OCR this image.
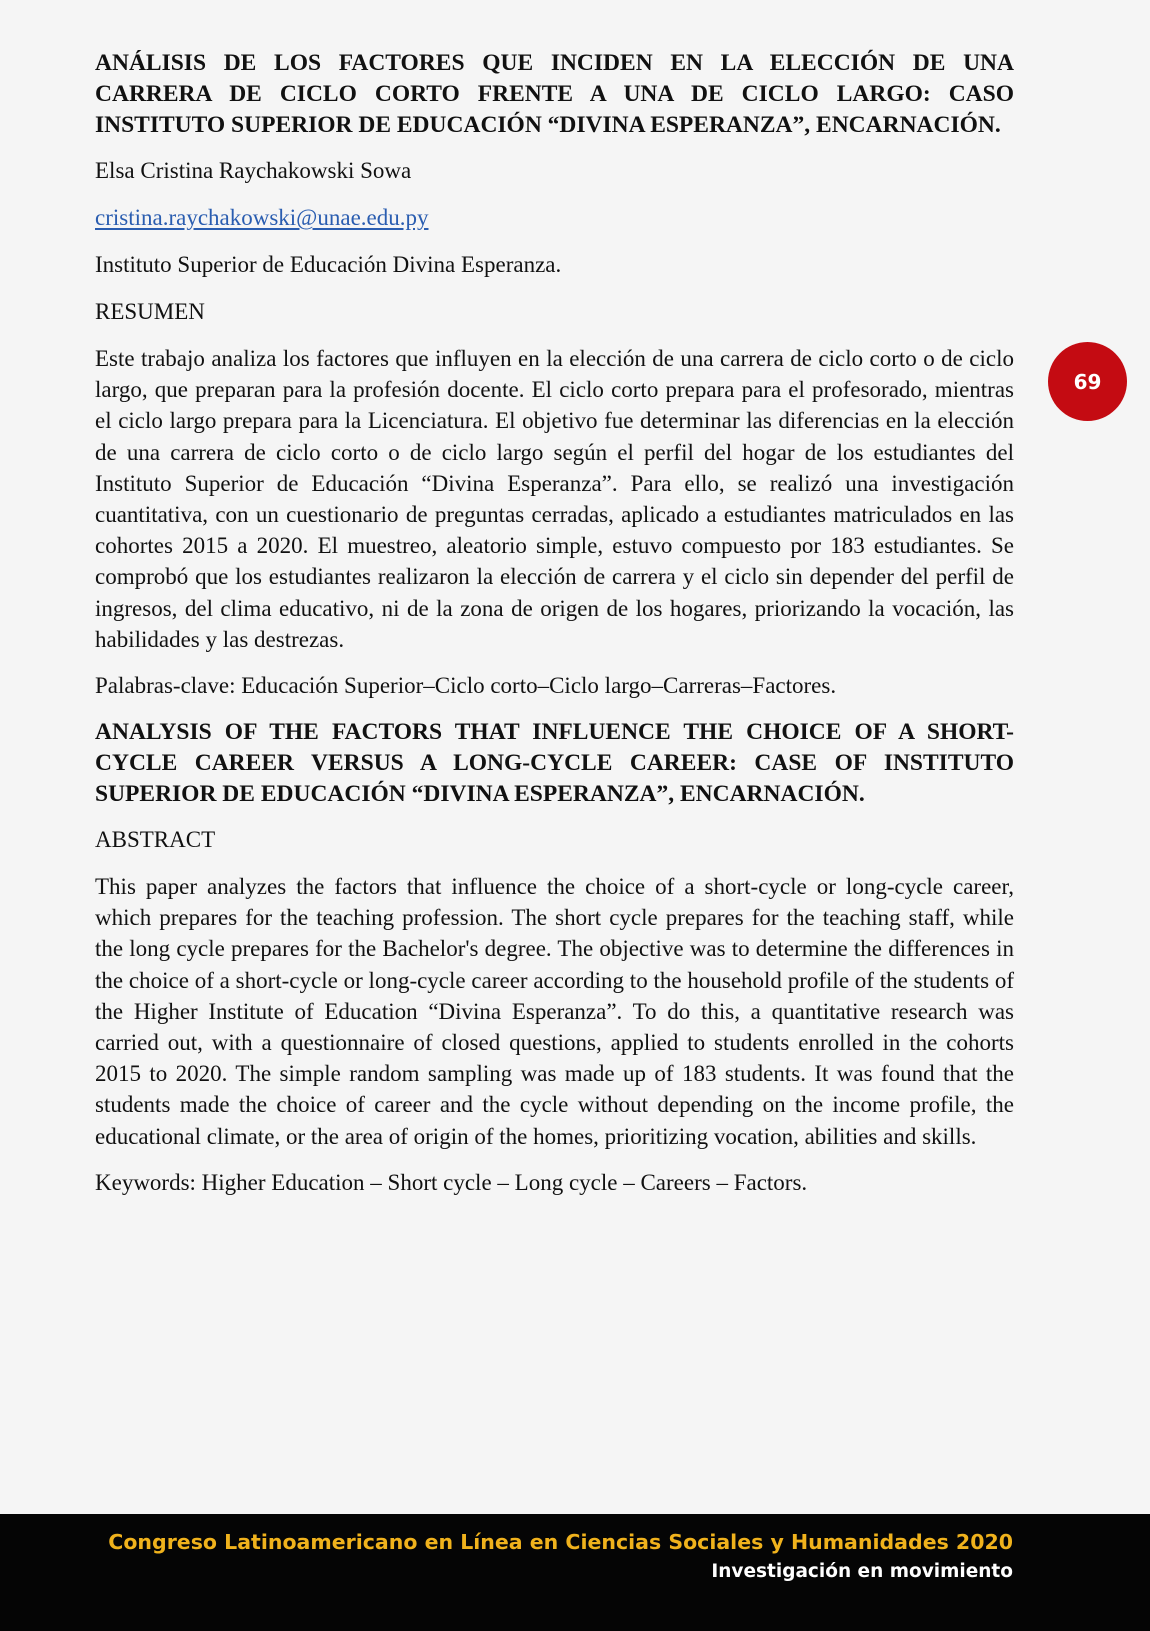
ANÁLISIS DE LOS FACTORES QUE INCIDEN EN LA ELECCIÓN DE UNA CARRERA DE CICLO CORTO FRENTE A UNA DE CICLO LARGO: CASO INSTITUTO SUPERIOR DE EDUCACIÓN “DIVINA ESPERANZA”, ENCARNACIÓN.
Elsa Cristina Raychakowski Sowa
cristina.raychakowski@unae.edu.py
Instituto Superior de Educación Divina Esperanza.
RESUMEN
Este trabajo analiza los factores que influyen en la elección de una carrera de ciclo corto o de ciclo largo, que preparan para la profesión docente. El ciclo corto prepara para el profesorado, mientras el ciclo largo prepara para la Licenciatura. El objetivo fue determinar las diferencias en la elección de una carrera de ciclo corto o de ciclo largo según el perfil del hogar de los estudiantes del Instituto Superior de Educación “Divina Esperanza”. Para ello, se realizó una investigación cuantitativa, con un cuestionario de preguntas cerradas, aplicado a estudiantes matriculados en las cohortes 2015 a 2020. El muestreo, aleatorio simple, estuvo compuesto por 183 estudiantes. Se comprobó que los estudiantes realizaron la elección de carrera y el ciclo sin depender del perfil de ingresos, del clima educativo, ni de la zona de origen de los hogares, priorizando la vocación, las habilidades y las destrezas.
Palabras-clave: Educación Superior–Ciclo corto–Ciclo largo–Carreras–Factores.
ANALYSIS OF THE FACTORS THAT INFLUENCE THE CHOICE OF A SHORT-CYCLE CAREER VERSUS A LONG-CYCLE CAREER: CASE OF INSTITUTO SUPERIOR DE EDUCACIÓN “DIVINA ESPERANZA”, ENCARNACIÓN.
ABSTRACT
This paper analyzes the factors that influence the choice of a short-cycle or long-cycle career, which prepares for the teaching profession. The short cycle prepares for the teaching staff, while the long cycle prepares for the Bachelor's degree. The objective was to determine the differences in the choice of a short-cycle or long-cycle career according to the household profile of the students of the Higher Institute of Education “Divina Esperanza”. To do this, a quantitative research was carried out, with a questionnaire of closed questions, applied to students enrolled in the cohorts 2015 to 2020. The simple random sampling was made up of 183 students. It was found that the students made the choice of career and the cycle without depending on the income profile, the educational climate, or the area of origin of the homes, prioritizing vocation, abilities and skills.
Keywords: Higher Education – Short cycle – Long cycle – Careers – Factors.
69
Congreso Latinoamericano en Línea en Ciencias Sociales y Humanidades 2020
Investigación en movimiento
